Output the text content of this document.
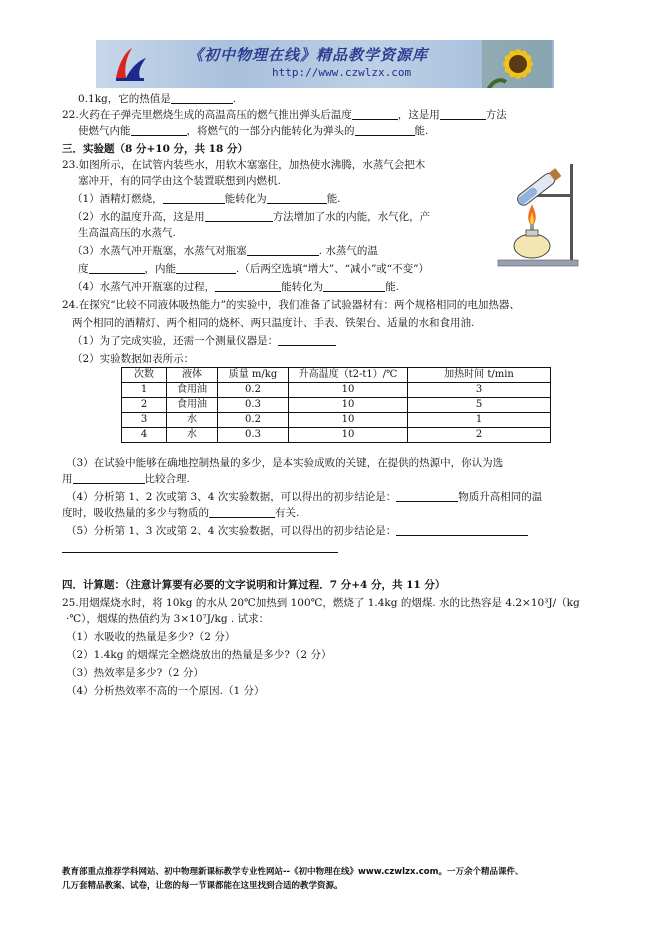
《初中物理在线》精品教学资源库
http://www.czwlzx.com
0.1kg，它的热值是	.
22.火药在子弹壳里燃烧生成的高温高压的燃气推出弹头后温度	，这是用	方法
使燃气内能	，将燃气的一部分内能转化为弹头的	能.
三．实验题（8 分+10 分，共 18 分）
23.如图所示，在试管内装些水，用软木塞塞住，加热使水沸腾，水蒸气会把木
塞冲开，有的同学由这个装置联想到内燃机.
（1）酒精灯燃烧，	能转化为	能.
（2）水的温度升高，这是用	方法增加了水的内能，水气化，产
生高温高压的水蒸气.
（3）水蒸气冲开瓶塞，水蒸气对瓶塞	. 水蒸气的温
度	，内能	.（后两空选填“增大”、“减小”或“不变”）
（4）水蒸气冲开瓶塞的过程，	能转化为	能.
24.在探究“比较不同液体吸热能力”的实验中，我们准备了试验器材有：两个规格相同的电加热器、
两个相同的酒精灯、两个相同的烧杯、两只温度计、手表、铁架台、适量的水和食用油.
（1）为了完成实验，还需一个测量仪器是：
（2）实验数据如表所示：
次数	液体	质量 m/kg	升高温度（t2-t1）/℃	加热时间 t/min
1	食用油	0.2	10	3
2	食用油	0.3	10	5
3	水	0.2	10	1
4	水	0.3	10	2
（3）在试验中能够在确地控制热量的多少，是本实验成败的关键，在提供的热源中，你认为选
用	比较合理.
（4）分析第 1、2 次或第 3、4 次实验数据，可以得出的初步结论是：	物质升高相同的温
度时，吸收热量的多少与物质的	有关.
（5）分析第 1、3 次或第 2、4 次实验数据，可以得出的初步结论是：
四．计算题：（注意计算要有必要的文字说明和计算过程．7 分+4 分，共 11 分）
25.用烟煤烧水时，将 10kg 的水从 20℃加热到 100℃，燃烧了 1.4kg 的烟煤. 水的比热容是 4.2×10³J/（kg
·℃），烟煤的热值约为 3×10⁷J/kg . 试求：
（1）水吸收的热量是多少?（2 分）
（2）1.4kg 的烟煤完全燃烧放出的热量是多少?（2 分）
（3）热效率是多少?（2 分）
（4）分析热效率不高的一个原因.（1 分）
教育部重点推荐学科网站、初中物理新课标教学专业性网站--《初中物理在线》www.czwlzx.com。一万余个精品课件、
几万套精品教案、试卷，让您的每一节课都能在这里找到合适的教学资源。
